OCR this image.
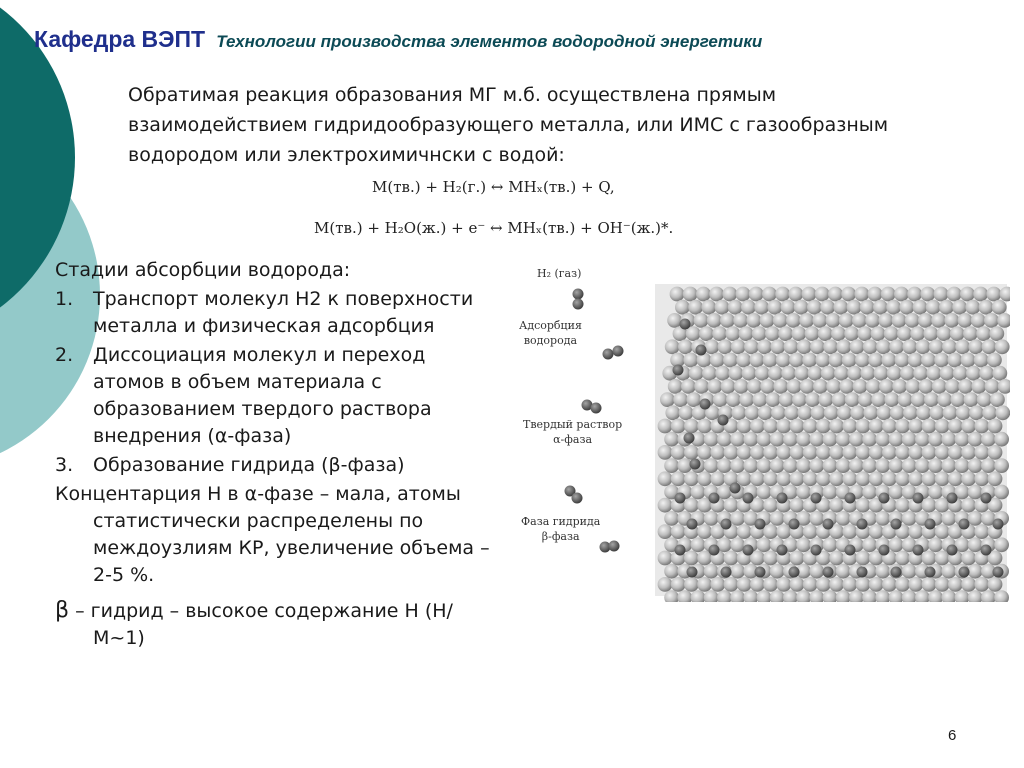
Кафедра ВЭПТ Технологии производства элементов водородной энергетики
Обратимая реакция образования МГ м.б. осуществлена прямым взаимодействием гидридообразующего металла, или ИМС с газообразным водородом или электрохимичнски с водой:
М(тв.) + H₂(г.) ↔ MHₓ(тв.) + Q,
М(тв.) + H₂O(ж.) + e⁻ ↔ MHₓ(тв.) + OH⁻(ж.)*.

Стадии абсорбции водорода:

1.	Транспорт молекул Н2 к поверхности металла и физическая адсорбция
2.	Диссоциация молекул и переход атомов в объем материала с образованием твердого раствора внедрения (α-фаза)
3.	Образование гидрида (β-фаза)

Концентарция Н в α-фазе – мала, атомы статистически распределены по междоузлиям КР, увеличение объема – 2-5 %.

β – гидрид – высокое содержание Н (Н/М~1)

H₂ (газ)
Адсорбция
водорода
Твердый раствор
α-фаза
Фаза гидрида
β-фаза
6
